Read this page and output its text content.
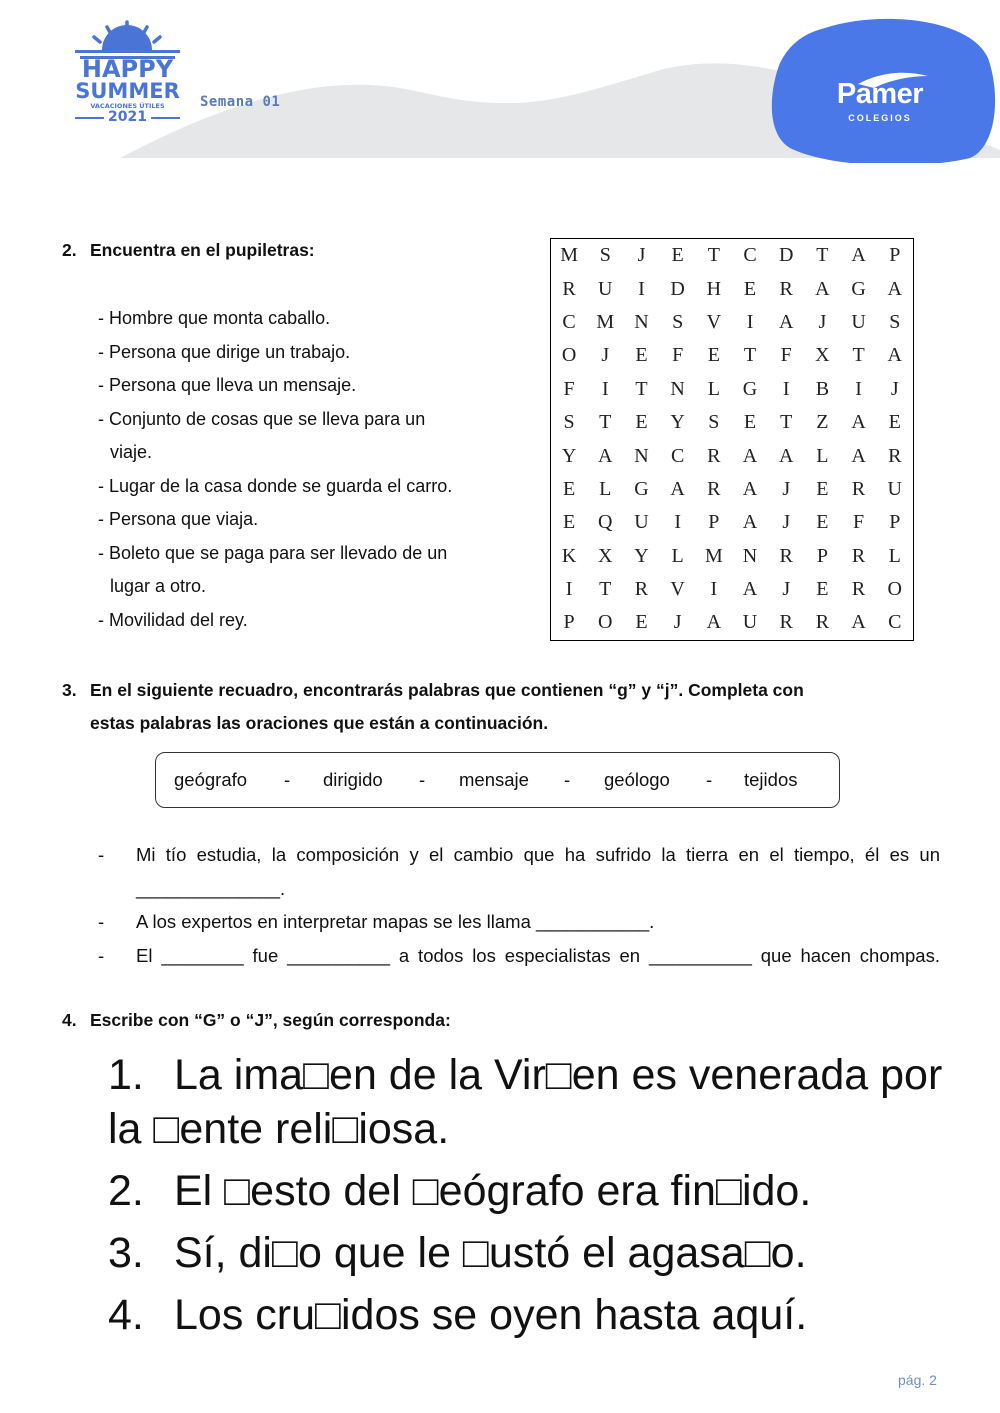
HAPPY
SUMMER
VACACIONES ÚTILES
2021
Semana 01	Pamer
COLEGIOS
2. Encuentra en el pupiletras:
- Hombre que monta caballo.
- Persona que dirige un trabajo.
- Persona que lleva un mensaje.
- Conjunto de cosas que se lleva para un
viaje.
- Lugar de la casa donde se guarda el carro.
- Persona que viaja.
- Boleto que se paga para ser llevado de un
lugar a otro.
- Movilidad del rey.
M	S	J	E	T	C	D	T	A	P
R	U	I	D	H	E	R	A	G	A
C	M	N	S	V	I	A	J	U	S
O	J	E	F	E	T	F	X	T	A
F	I	T	N	L	G	I	B	I	J
S	T	E	Y	S	E	T	Z	A	E
Y	A	N	C	R	A	A	L	A	R
E	L	G	A	R	A	J	E	R	U
E	Q	U	I	P	A	J	E	F	P
K	X	Y	L	M	N	R	P	R	L
I	T	R	V	I	A	J	E	R	O
P	O	E	J	A	U	R	R	A	C
3. En el siguiente recuadro, encontrarás palabras que contienen “g” y “j”. Completa con
estas palabras las oraciones que están a continuación.
geógrafo - dirigido - mensaje - geólogo - tejidos
- Mi tío estudia, la composición y el cambio que ha sufrido la tierra en el tiempo, él es un
______________.
- A los expertos en interpretar mapas se les llama ___________.
- El ________ fue __________ a todos los especialistas en __________ que hacen chompas.
4. Escribe con “G” o “J”, según corresponda:
1. La ima□en de la Vir□en es venerada por
la □ente reli□iosa.
2. El □esto del □eógrafo era fin□ido.
3. Sí, di□o que le □ustó el agasa□o.
4. Los cru□idos se oyen hasta aquí.
pág. 2
